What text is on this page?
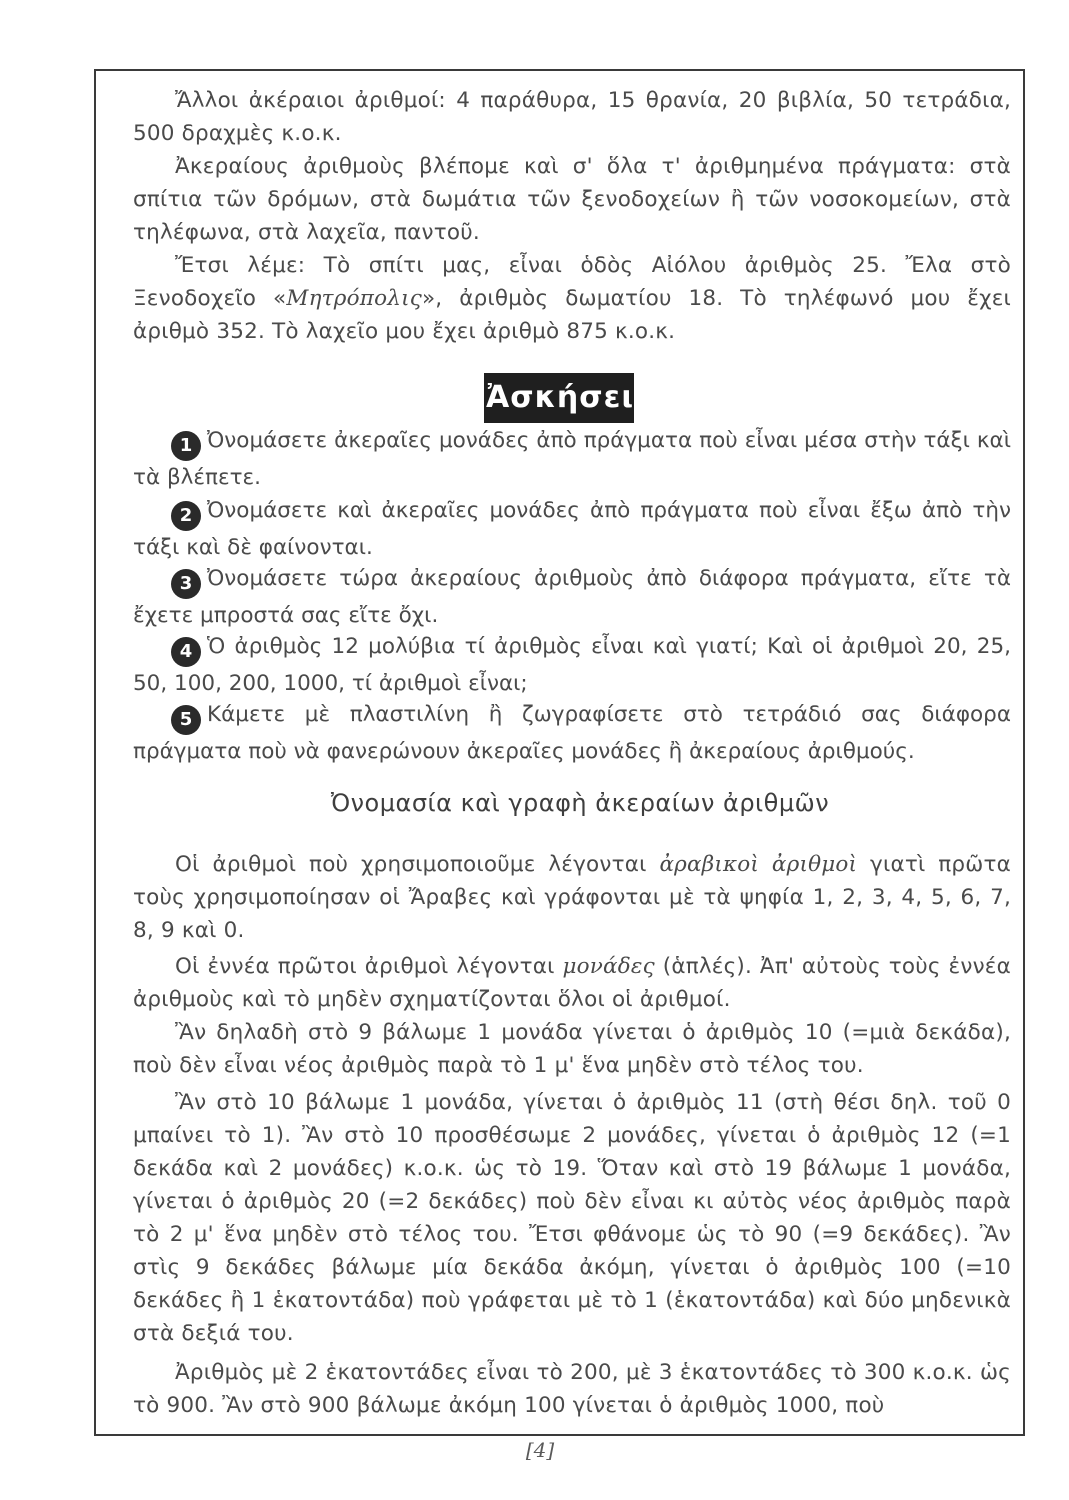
Ἄλλοι ἀκέραιοι ἀριθμοί: 4 παράθυρα, 15 θρανία, 20 βιβλία, 50 τετράδια, 500 δραχμὲς κ.ο.κ.

Ἀκεραίους ἀριθμοὺς βλέπομε καὶ σ' ὅλα τ' ἀριθμημένα πράγματα: στὰ σπίτια τῶν δρόμων, στὰ δωμάτια τῶν ξενοδοχείων ἢ τῶν νοσοκομείων, στὰ τηλέφωνα, στὰ λαχεῖα, παντοῦ.

Ἔτσι λέμε: Τὸ σπίτι μας, εἶναι ὁδὸς Αἰόλου ἀριθμὸς 25. Ἔλα στὸ Ξενοδοχεῖο «Μητρόπολις», ἀριθμὸς δωματίου 18. Τὸ τηλέφωνό μου ἔχει ἀριθμὸ 352. Τὸ λαχεῖο μου ἔχει ἀριθμὸ 875 κ.ο.κ.

Ἀσκήσεις

1 Ὀνομάσετε ἀκεραῖες μονάδες ἀπὸ πράγματα ποὺ εἶναι μέσα στὴν τάξι καὶ τὰ βλέπετε.

2 Ὀνομάσετε καὶ ἀκεραῖες μονάδες ἀπὸ πράγματα ποὺ εἶναι ἔξω ἀπὸ τὴν τάξι καὶ δὲ φαίνονται.

3 Ὀνομάσετε τώρα ἀκεραίους ἀριθμοὺς ἀπὸ διάφορα πράγματα, εἴτε τὰ ἔχετε μπροστά σας εἴτε ὄχι.

4 Ὁ ἀριθμὸς 12 μολύβια τί ἀριθμὸς εἶναι καὶ γιατί; Καὶ οἱ ἀριθμοὶ 20, 25, 50, 100, 200, 1000, τί ἀριθμοὶ εἶναι;

5 Κάμετε μὲ πλαστιλίνη ἢ ζωγραφίσετε στὸ τετράδιό σας διάφορα πράγματα ποὺ νὰ φανερώνουν ἀκεραῖες μονάδες ἢ ἀκεραίους ἀριθμούς.

Ὀνομασία καὶ γραφὴ ἀκεραίων ἀριθμῶν

Οἱ ἀριθμοὶ ποὺ χρησιμοποιοῦμε λέγονται ἀραβικοὶ ἀριθμοὶ γιατὶ πρῶτα τοὺς χρησιμοποίησαν οἱ Ἄραβες καὶ γράφονται μὲ τὰ ψηφία 1, 2, 3, 4, 5, 6, 7, 8, 9 καὶ 0.

Οἱ ἐννέα πρῶτοι ἀριθμοὶ λέγονται μονάδες (ἁπλές). Ἀπ' αὐτοὺς τοὺς ἐννέα ἀριθμοὺς καὶ τὸ μηδὲν σχηματίζονται ὅλοι οἱ ἀριθμοί.

Ἂν δηλαδὴ στὸ 9 βάλωμε 1 μονάδα γίνεται ὁ ἀριθμὸς 10 (=μιὰ δεκάδα), ποὺ δὲν εἶναι νέος ἀριθμὸς παρὰ τὸ 1 μ' ἕνα μηδὲν στὸ τέλος του.

Ἂν στὸ 10 βάλωμε 1 μονάδα, γίνεται ὁ ἀριθμὸς 11 (στὴ θέσι δηλ. τοῦ 0 μπαίνει τὸ 1). Ἂν στὸ 10 προσθέσωμε 2 μονάδες, γίνεται ὁ ἀριθμὸς 12 (=1 δεκάδα καὶ 2 μονάδες) κ.ο.κ. ὡς τὸ 19. Ὅταν καὶ στὸ 19 βάλωμε 1 μονάδα, γίνεται ὁ ἀριθμὸς 20 (=2 δεκάδες) ποὺ δὲν εἶναι κι αὐτὸς νέος ἀριθμὸς παρὰ τὸ 2 μ' ἕνα μηδὲν στὸ τέλος του. Ἔτσι φθάνομε ὡς τὸ 90 (=9 δεκάδες). Ἂν στὶς 9 δεκάδες βάλωμε μία δεκάδα ἀκόμη, γίνεται ὁ ἀριθμὸς 100 (=10 δεκάδες ἢ 1 ἑκατοντάδα) ποὺ γράφεται μὲ τὸ 1 (ἑκατοντάδα) καὶ δύο μηδενικὰ στὰ δεξιά του.

Ἀριθμὸς μὲ 2 ἑκατοντάδες εἶναι τὸ 200, μὲ 3 ἑκατοντάδες τὸ 300 κ.ο.κ. ὡς τὸ 900. Ἂν στὸ 900 βάλωμε ἀκόμη 100 γίνεται ὁ ἀριθμὸς 1000, ποὺ

[4]
